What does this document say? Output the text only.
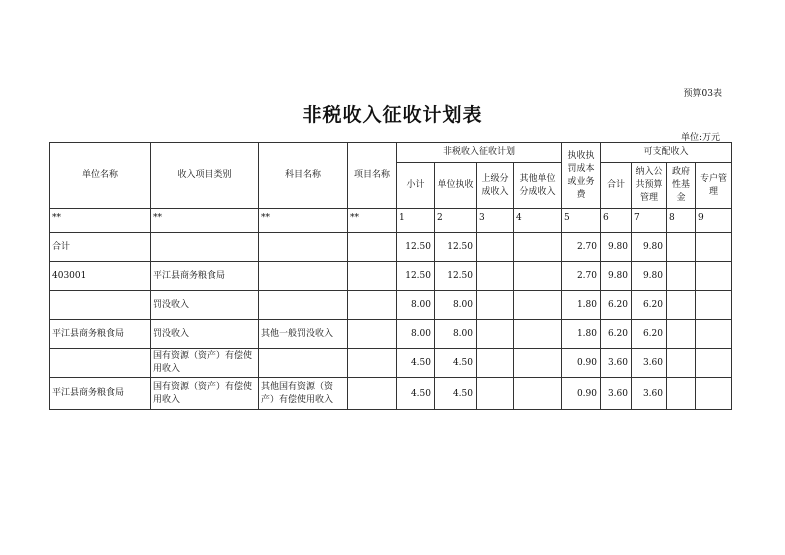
预算03表
非税收入征收计划表
单位:万元
单位名称	收入项目类别	科目名称	项目名称	非税收入征收计划				执收执罚成本或业务费	可支配收入			
				小计	单位执收	上级分成收入	其他单位分成收入		合计	纳入公共预算管理	政府性基金	专户管理
**	**	**	**	1	2	3	4	5	6	7	8	9
合计				12.50	12.50			2.70	9.80	9.80		
403001	平江县商务粮食局			12.50	12.50			2.70	9.80	9.80		
	罚没收入			8.00	8.00			1.80	6.20	6.20		
平江县商务粮食局	罚没收入	其他一般罚没收入		8.00	8.00			1.80	6.20	6.20		
	国有资源（资产）有偿使用收入			4.50	4.50			0.90	3.60	3.60		
平江县商务粮食局	国有资源（资产）有偿使用收入	其他国有资源（资产）有偿使用收入		4.50	4.50			0.90	3.60	3.60		
